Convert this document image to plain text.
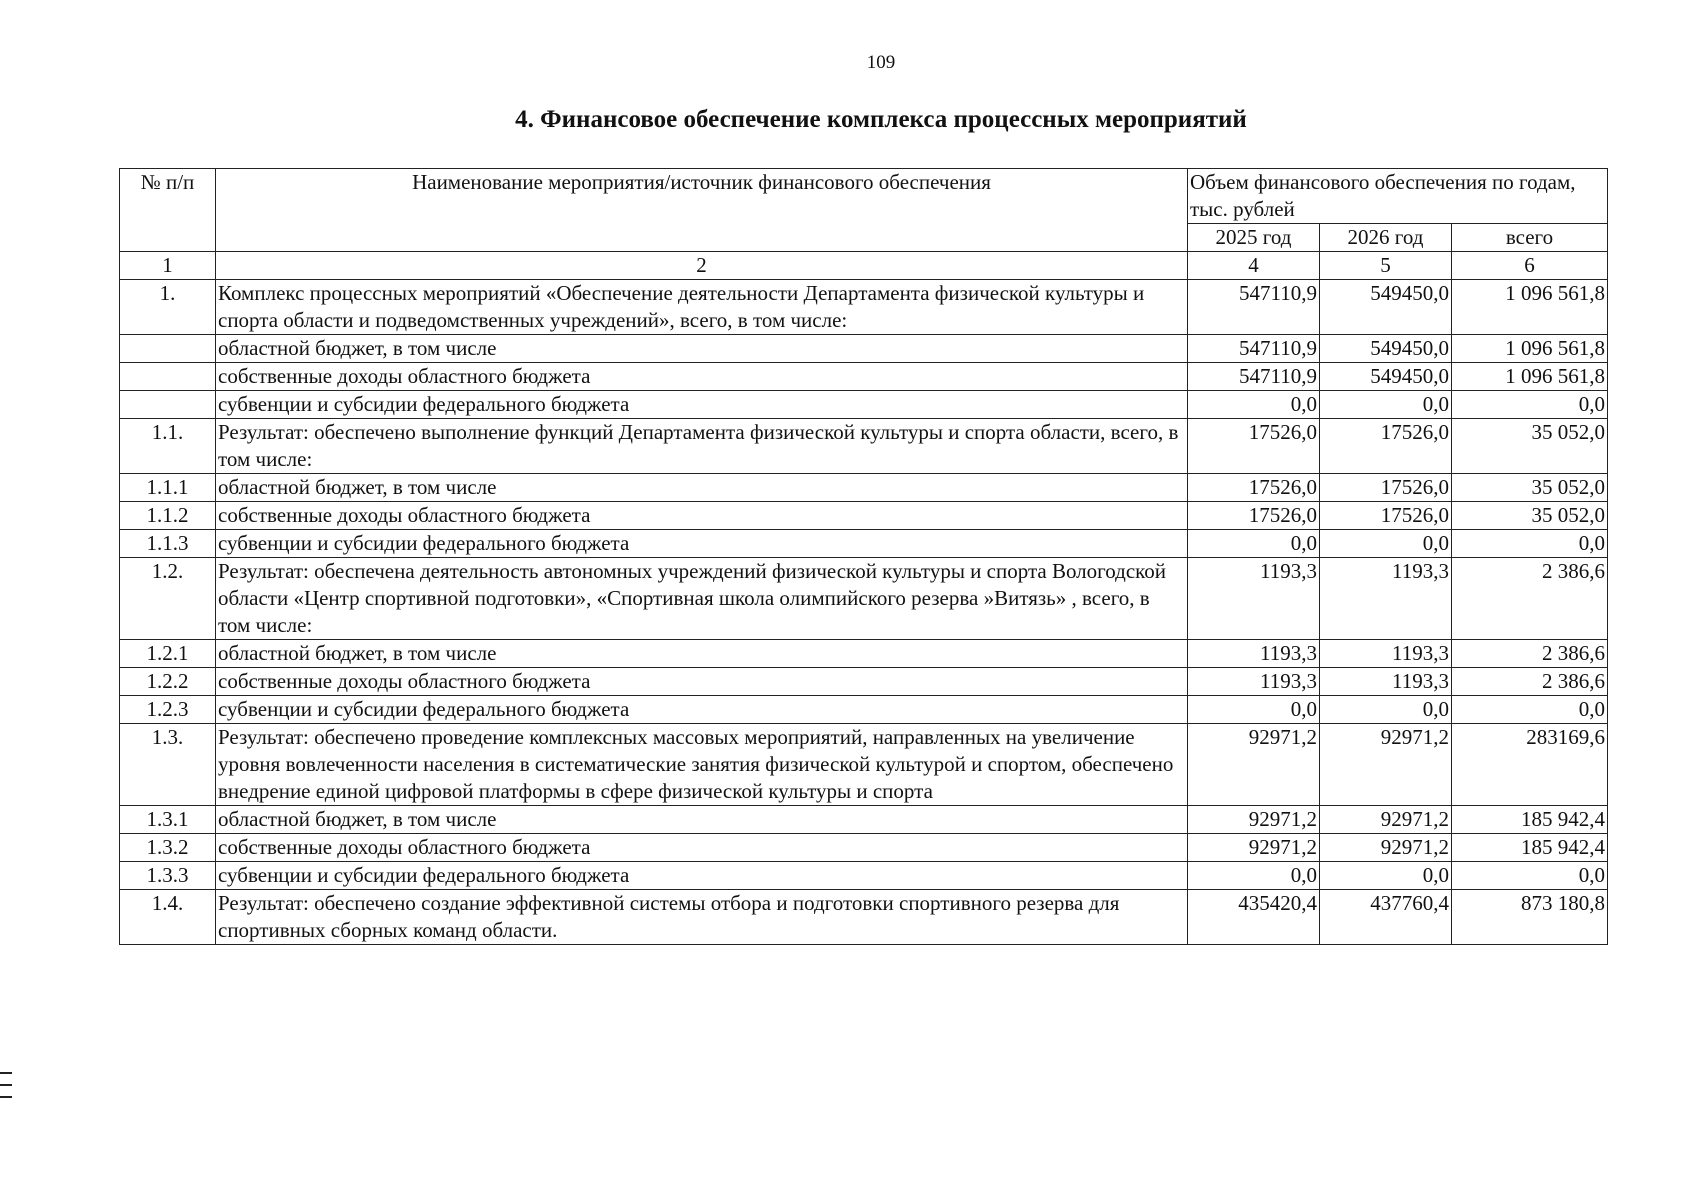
109
4. Финансовое обеспечение комплекса процессных мероприятий
№ п/п	Наименование мероприятия/источник финансового обеспечения	Объем финансового обеспечения по годам, тыс. рублей		
		2025 год	2026 год	всего
1	2	4	5	6
1.	Комплекс процессных мероприятий «Обеспечение деятельности Департамента физической культуры и спорта области и подведомственных учреждений», всего, в том числе:	547110,9	549450,0	1 096 561,8
	областной бюджет, в том числе	547110,9	549450,0	1 096 561,8
	собственные доходы областного бюджета	547110,9	549450,0	1 096 561,8
	субвенции и субсидии федерального бюджета	0,0	0,0	0,0
1.1.	Результат: обеспечено выполнение функций Департамента физической культуры и спорта области, всего, в том числе:	17526,0	17526,0	35 052,0
1.1.1	областной бюджет, в том числе	17526,0	17526,0	35 052,0
1.1.2	собственные доходы областного бюджета	17526,0	17526,0	35 052,0
1.1.3	субвенции и субсидии федерального бюджета	0,0	0,0	0,0
1.2.	Результат: обеспечена деятельность автономных учреждений физической культуры и спорта Вологодской области «Центр спортивной подготовки», «Спортивная школа олимпийского резерва »Витязь» , всего, в том числе:	1193,3	1193,3	2 386,6
1.2.1	областной бюджет, в том числе	1193,3	1193,3	2 386,6
1.2.2	собственные доходы областного бюджета	1193,3	1193,3	2 386,6
1.2.3	субвенции и субсидии федерального бюджета	0,0	0,0	0,0
1.3.	Результат: обеспечено проведение комплексных массовых мероприятий, направленных на увеличение уровня вовлеченности населения в систематические занятия физической культурой и спортом, обеспечено внедрение единой цифровой платформы в сфере физической культуры и спорта	92971,2	92971,2	283169,6
1.3.1	областной бюджет, в том числе	92971,2	92971,2	185 942,4
1.3.2	собственные доходы областного бюджета	92971,2	92971,2	185 942,4
1.3.3	субвенции и субсидии федерального бюджета	0,0	0,0	0,0
1.4.	Результат: обеспечено создание эффективной системы отбора и подготовки спортивного резерва для спортивных сборных команд области.	435420,4	437760,4	873 180,8
